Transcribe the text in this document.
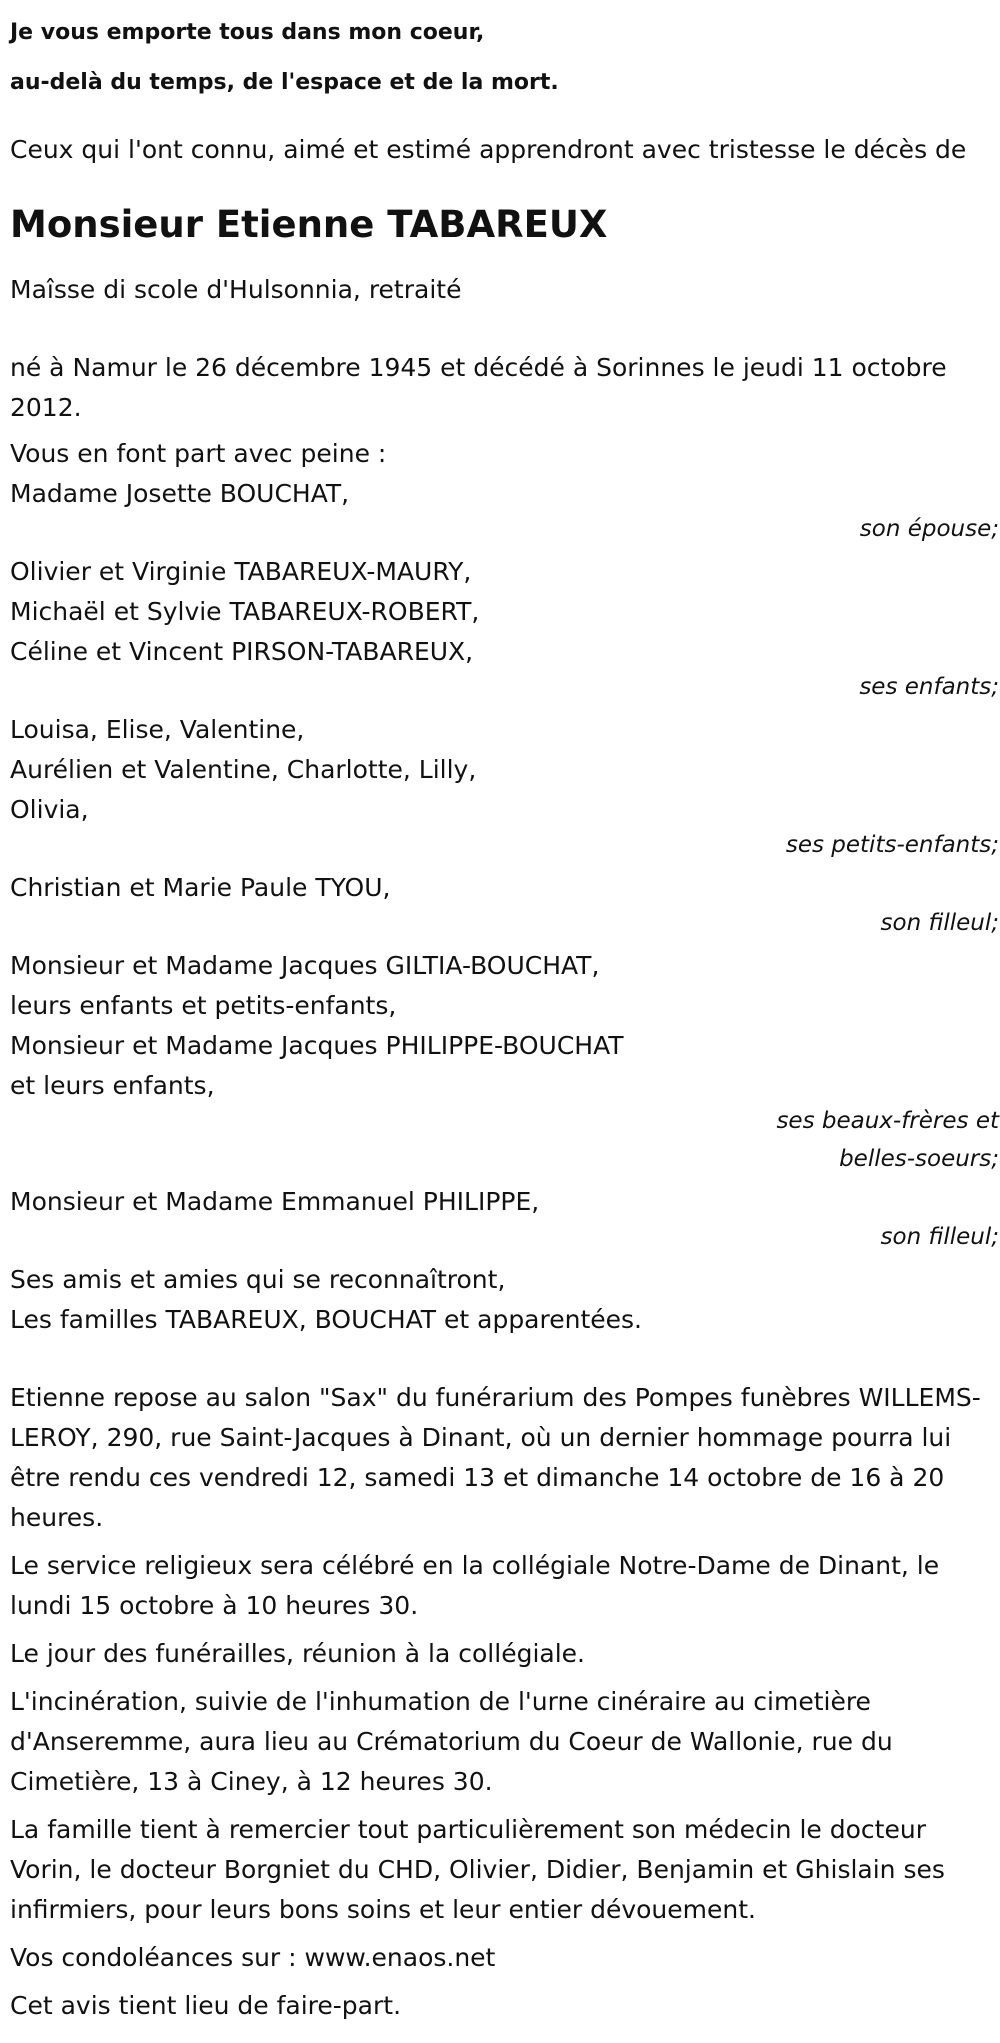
Je vous emporte tous dans mon coeur,

au-delà du temps, de l'espace et de la mort.

Ceux qui l'ont connu, aimé et estimé apprendront avec tristesse le décès de

Monsieur Etienne TABAREUX

Maîsse di scole d'Hulsonnia, retraité

né à Namur le 26 décembre 1945 et décédé à Sorinnes le jeudi 11 octobre 2012.

Vous en font part avec peine :

Madame Josette BOUCHAT,

son épouse;

Olivier et Virginie TABAREUX-MAURY,

Michaël et Sylvie TABAREUX-ROBERT,

Céline et Vincent PIRSON-TABAREUX,

ses enfants;

Louisa, Elise, Valentine,

Aurélien et Valentine, Charlotte, Lilly,

Olivia,

ses petits-enfants;

Christian et Marie Paule TYOU,

son filleul;

Monsieur et Madame Jacques GILTIA-BOUCHAT,

leurs enfants et petits-enfants,

Monsieur et Madame Jacques PHILIPPE-BOUCHAT

et leurs enfants,

ses beaux-frères et belles-soeurs;

Monsieur et Madame Emmanuel PHILIPPE,

son filleul;

Ses amis et amies qui se reconnaîtront,

Les familles TABAREUX, BOUCHAT et apparentées.

Etienne repose au salon "Sax" du funérarium des Pompes funèbres WILLEMS-LEROY, 290, rue Saint-Jacques à Dinant, où un dernier hommage pourra lui être rendu ces vendredi 12, samedi 13 et dimanche 14 octobre de 16 à 20 heures.

Le service religieux sera célébré en la collégiale Notre-Dame de Dinant, le lundi 15 octobre à 10 heures 30.

Le jour des funérailles, réunion à la collégiale.

L'incinération, suivie de l'inhumation de l'urne cinéraire au cimetière d'Anseremme, aura lieu au Crématorium du Coeur de Wallonie, rue du Cimetière, 13 à Ciney, à 12 heures 30.

La famille tient à remercier tout particulièrement son médecin le docteur Vorin, le docteur Borgniet du CHD, Olivier, Didier, Benjamin et Ghislain ses infirmiers, pour leurs bons soins et leur entier dévouement.

Vos condoléances sur : www.enaos.net

Cet avis tient lieu de faire-part.
